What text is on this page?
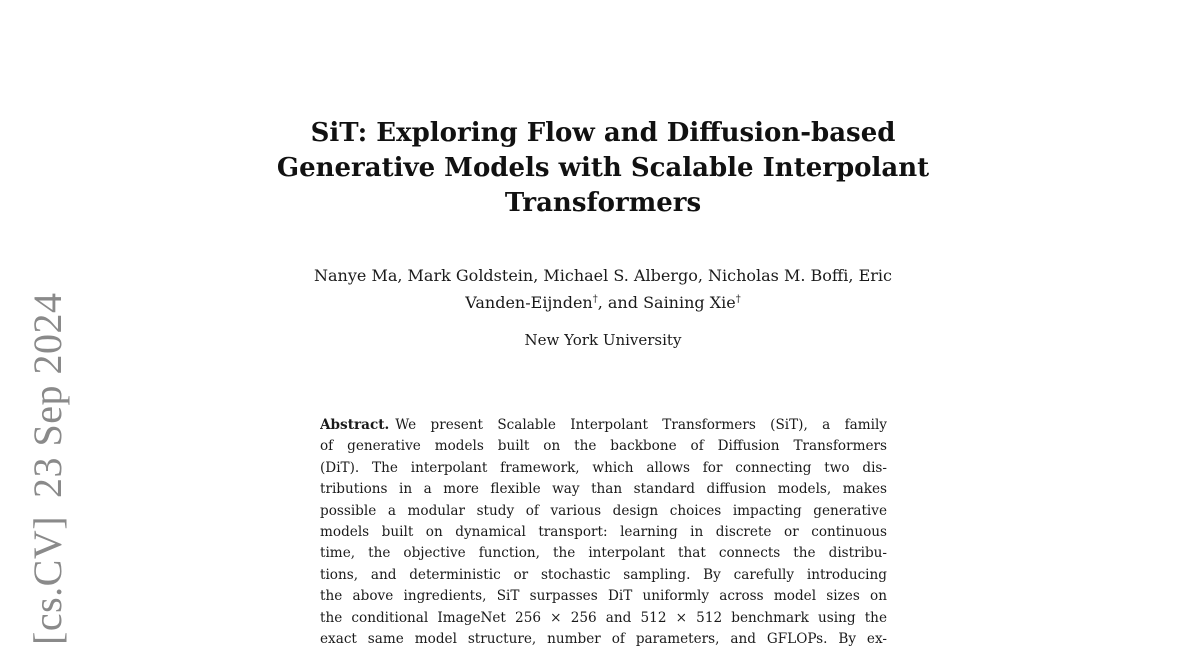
[cs.CV]23 Sep 2024
SiT: Exploring Flow and Diffusion-based
Generative Models with Scalable Interpolant
Transformers
Nanye Ma, Mark Goldstein, Michael S. Albergo, Nicholas M. Boffi, Eric
Vanden-Eijnden†, and Saining Xie†
New York University
Abstract. We present Scalable Interpolant Transformers (SiT), a family
of generative models built on the backbone of Diffusion Transformers
(DiT). The interpolant framework, which allows for connecting two dis-
tributions in a more flexible way than standard diffusion models, makes
possible a modular study of various design choices impacting generative
models built on dynamical transport: learning in discrete or continuous
time, the objective function, the interpolant that connects the distribu-
tions, and deterministic or stochastic sampling. By carefully introducing
the above ingredients, SiT surpasses DiT uniformly across model sizes on
the conditional ImageNet 256 × 256 and 512 × 512 benchmark using the
exact same model structure, number of parameters, and GFLOPs. By ex-
